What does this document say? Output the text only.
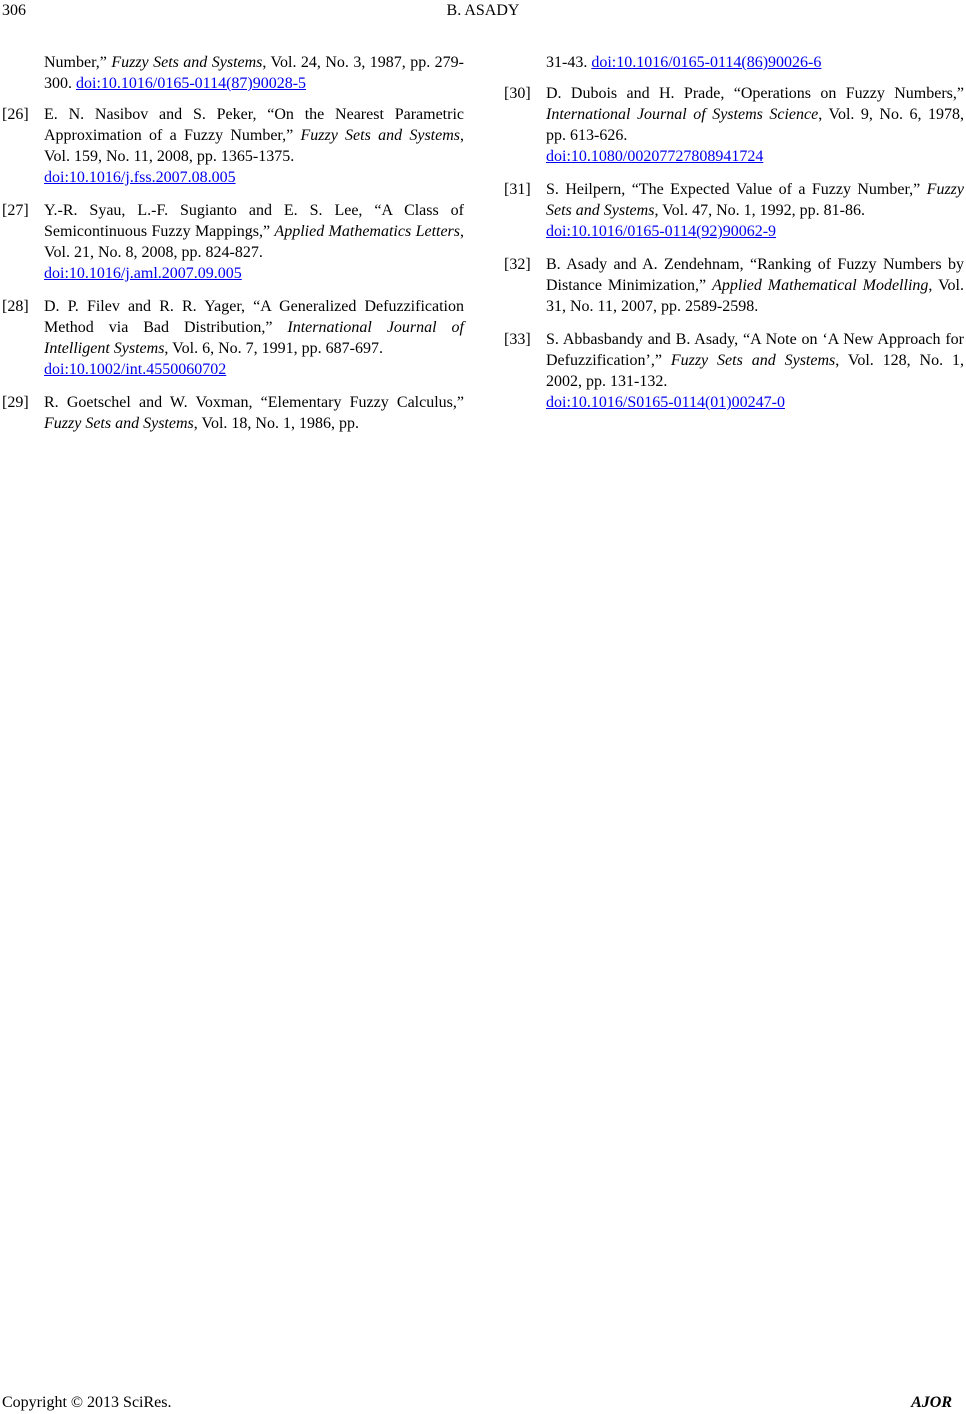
306	B. ASADY
Number,” Fuzzy Sets and Systems, Vol. 24, No. 3, 1987, pp. 279-300. doi:10.1016/0165-0114(87)90028-5
[26] E. N. Nasibov and S. Peker, “On the Nearest Parametric Approximation of a Fuzzy Number,” Fuzzy Sets and Systems, Vol. 159, No. 11, 2008, pp. 1365-1375.
doi:10.1016/j.fss.2007.08.005
[27] Y.-R. Syau, L.-F. Sugianto and E. S. Lee, “A Class of Semicontinuous Fuzzy Mappings,” Applied Mathematics Letters, Vol. 21, No. 8, 2008, pp. 824-827.
doi:10.1016/j.aml.2007.09.005
[28] D. P. Filev and R. R. Yager, “A Generalized Defuzzification Method via Bad Distribution,” International Journal of Intelligent Systems, Vol. 6, No. 7, 1991, pp. 687-697.
doi:10.1002/int.4550060702
[29] R. Goetschel and W. Voxman, “Elementary Fuzzy Calculus,” Fuzzy Sets and Systems, Vol. 18, No. 1, 1986, pp.
31-43. doi:10.1016/0165-0114(86)90026-6
[30] D. Dubois and H. Prade, “Operations on Fuzzy Numbers,” International Journal of Systems Science, Vol. 9, No. 6, 1978, pp. 613-626.
doi:10.1080/00207727808941724
[31] S. Heilpern, “The Expected Value of a Fuzzy Number,” Fuzzy Sets and Systems, Vol. 47, No. 1, 1992, pp. 81-86.
doi:10.1016/0165-0114(92)90062-9
[32] B. Asady and A. Zendehnam, “Ranking of Fuzzy Numbers by Distance Minimization,” Applied Mathematical Modelling, Vol. 31, No. 11, 2007, pp. 2589-2598.
[33] S. Abbasbandy and B. Asady, “A Note on ‘A New Approach for Defuzzification’,” Fuzzy Sets and Systems, Vol. 128, No. 1, 2002, pp. 131-132.
doi:10.1016/S0165-0114(01)00247-0
Copyright © 2013 SciRes.	AJOR
